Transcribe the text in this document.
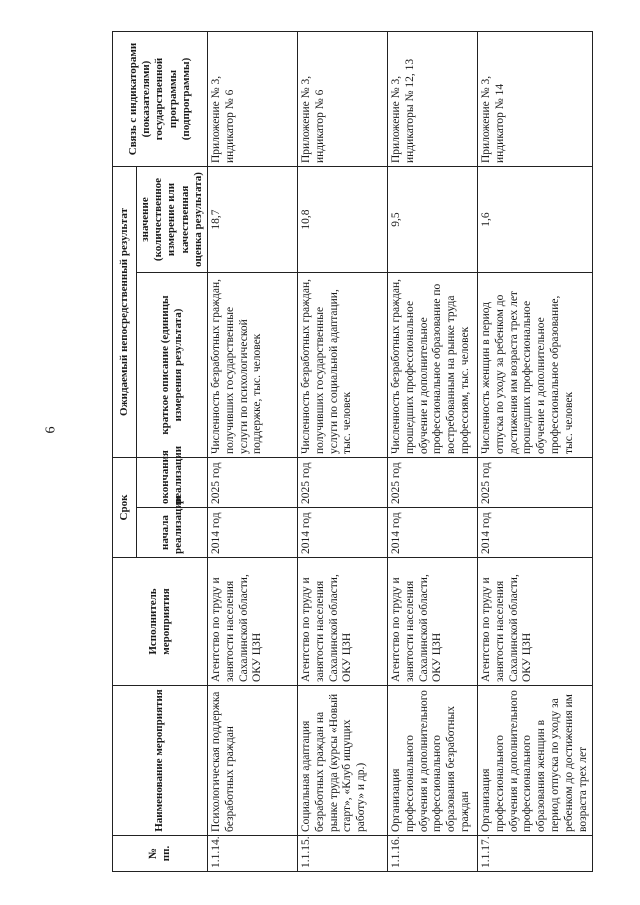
6
№ пп.	Наименование мероприятия	Исполнитель мероприятия	Срок		Ожидаемый непосредственный результат		Связь с индикаторами (показателями) государственной программы (подпрограммы)
			начала реализации	окончания реализации	краткое описание (единицы измерения результата)	значение (количественное измерение или качественная оценка результата)	
1.1.14.	Психологическая поддержка безработных граждан	Агентство по труду и занятости населения Сахалинской области, ОКУ ЦЗН	2014 год	2025 год	Численность безработных граждан, получивших государственные услуги по психологической поддержке, тыс. человек	18,7	Приложение № 3, индикатор № 6
1.1.15.	Социальная адаптация безработных граждан на рынке труда (курсы «Новый старт», «Клуб ищущих работу» и др.)	Агентство по труду и занятости населения Сахалинской области, ОКУ ЦЗН	2014 год	2025 год	Численность безработных граждан, получивших государственные услуги по социальной адаптации, тыс. человек	10,8	Приложение № 3, индикатор № 6
1.1.16.	Организация профессионального обучения и дополнительного профессионального образования безработных граждан	Агентство по труду и занятости населения Сахалинской области, ОКУ ЦЗН	2014 год	2025 год	Численность безработных граждан, прошедших профессиональное обучение и дополнительное профессиональное образование по востребованным на рынке труда профессиям, тыс. человек	9,5	Приложение № 3, индикаторы № 12, 13
1.1.17.	Организация профессионального обучения и дополнительного профессионального образования женщин в период отпуска по уходу за ребенком до достижения им возраста трех лет	Агентство по труду и занятости населения Сахалинской области, ОКУ ЦЗН	2014 год	2025 год	Численность женщин в период отпуска по уходу за ребенком до достижения им возраста трех лет прошедших профессиональное обучение и дополнительное профессиональное образование, тыс. человек	1,6	Приложение № 3, индикатор № 14
